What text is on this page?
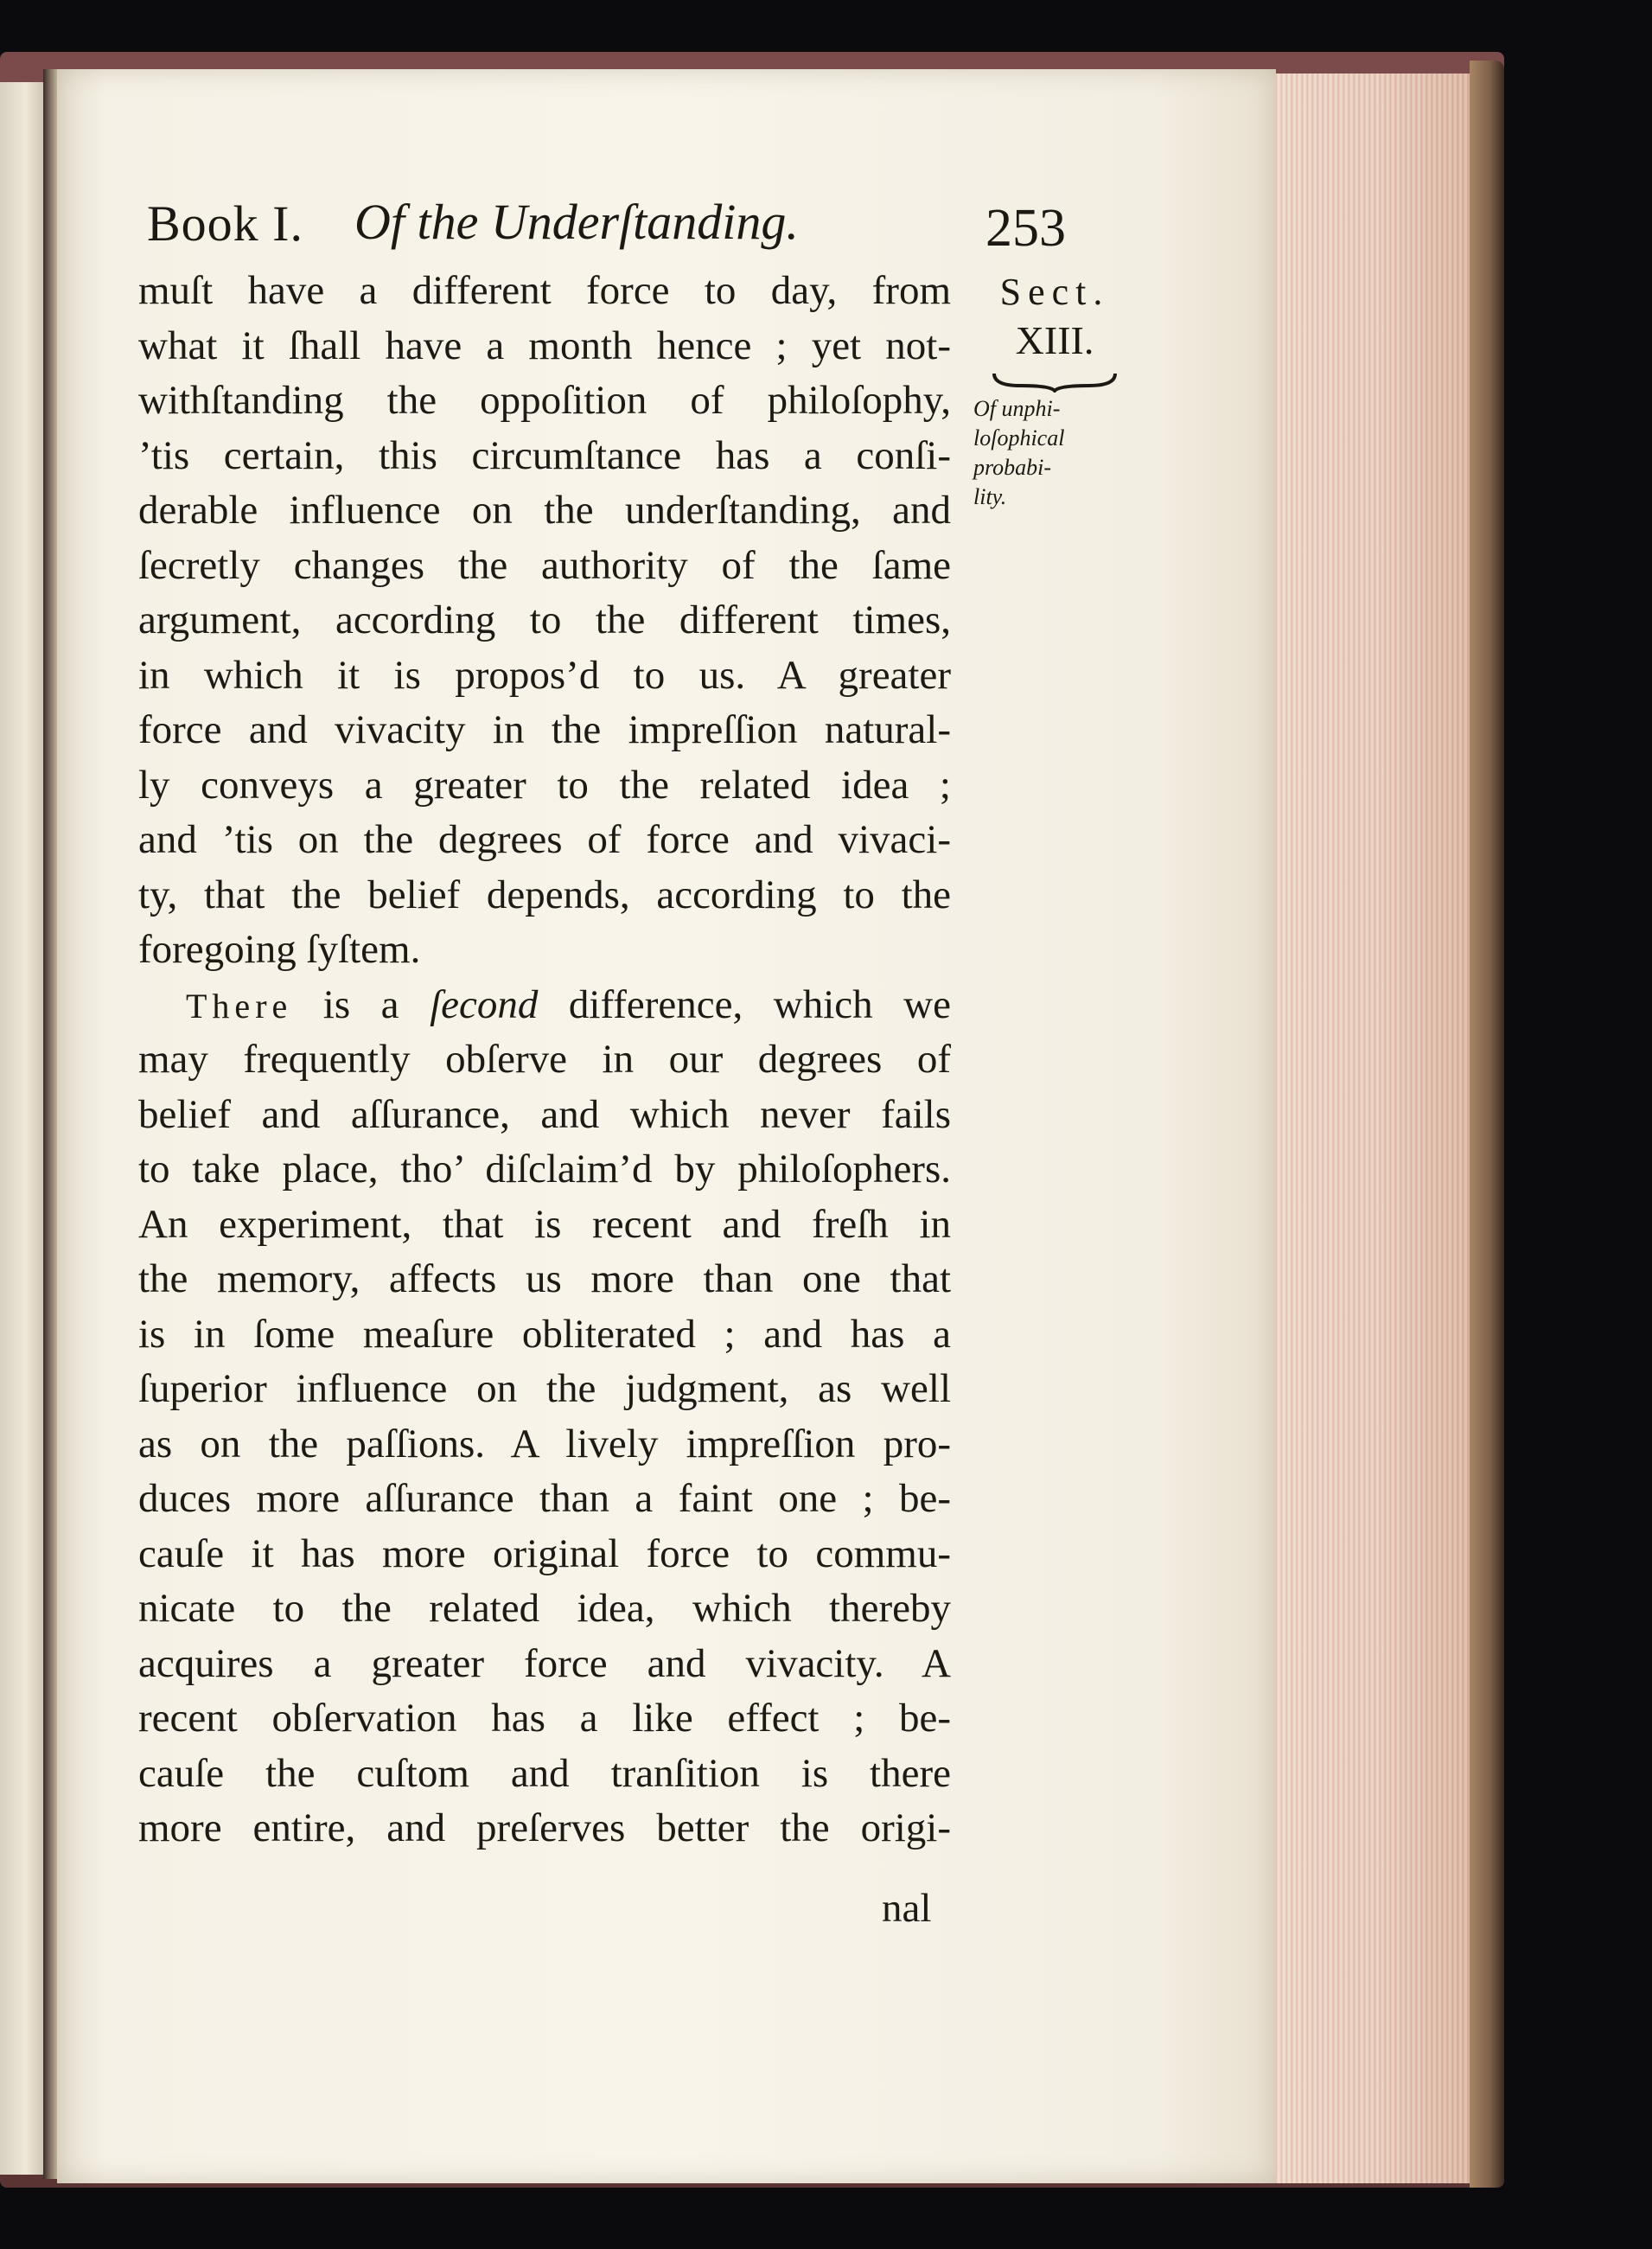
Book I. Of the Underſtanding.	253
Sect.
XIII.
Of unphi-
loſophical
probabi-
lity.
muſt have a different force to day, from
what it ſhall have a month hence ; yet not-
withſtanding the oppoſition of philoſophy,
’tis certain, this circumſtance has a conſi-
derable influence on the underſtanding, and
ſecretly changes the authority of the ſame
argument, according to the different times,
in which it is propos’d to us. A greater
force and vivacity in the impreſſion natural-
ly conveys a greater to the related idea ;
and ’tis on the degrees of force and vivaci-
ty, that the belief depends, according to the
foregoing ſyſtem.
There is a ſecond difference, which we
may frequently obſerve in our degrees of
belief and aſſurance, and which never fails
to take place, tho’ diſclaim’d by philoſophers.
An experiment, that is recent and freſh in
the memory, affects us more than one that
is in ſome meaſure obliterated ; and has a
ſuperior influence on the judgment, as well
as on the paſſions. A lively impreſſion pro-
duces more aſſurance than a faint one ; be-
cauſe it has more original force to commu-
nicate to the related idea, which thereby
acquires a greater force and vivacity. A
recent obſervation has a like effect ; be-
cauſe the cuſtom and tranſition is there
more entire, and preſerves better the origi-
nal
